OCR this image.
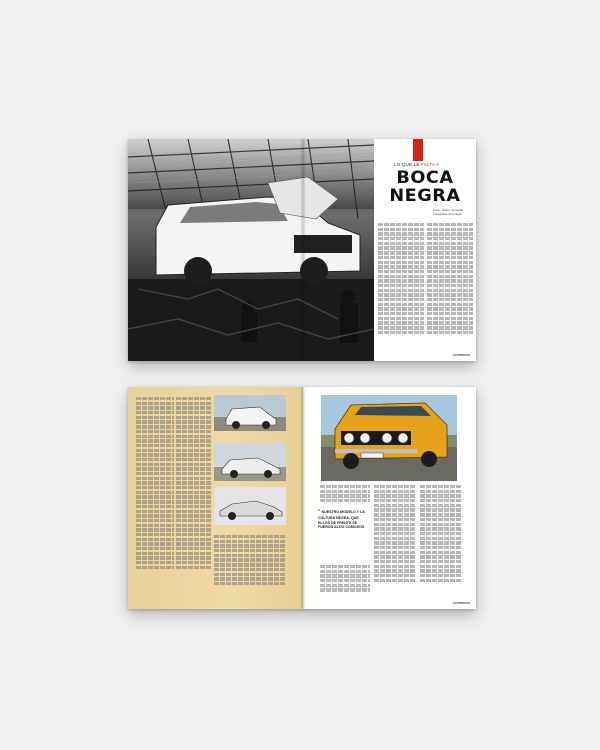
LO QUE LE FALTA A
BOCA
NEGRA
Texto: Álvaro de Arriba
Fotografía: Club Seat
AUTOPISTA
“ NUESTRO MODELO Y LA CULTURA NEGRA, QUE ELLOS DE FRENTE SE FUERON ALGO COMODOS
AUTOPISTA
